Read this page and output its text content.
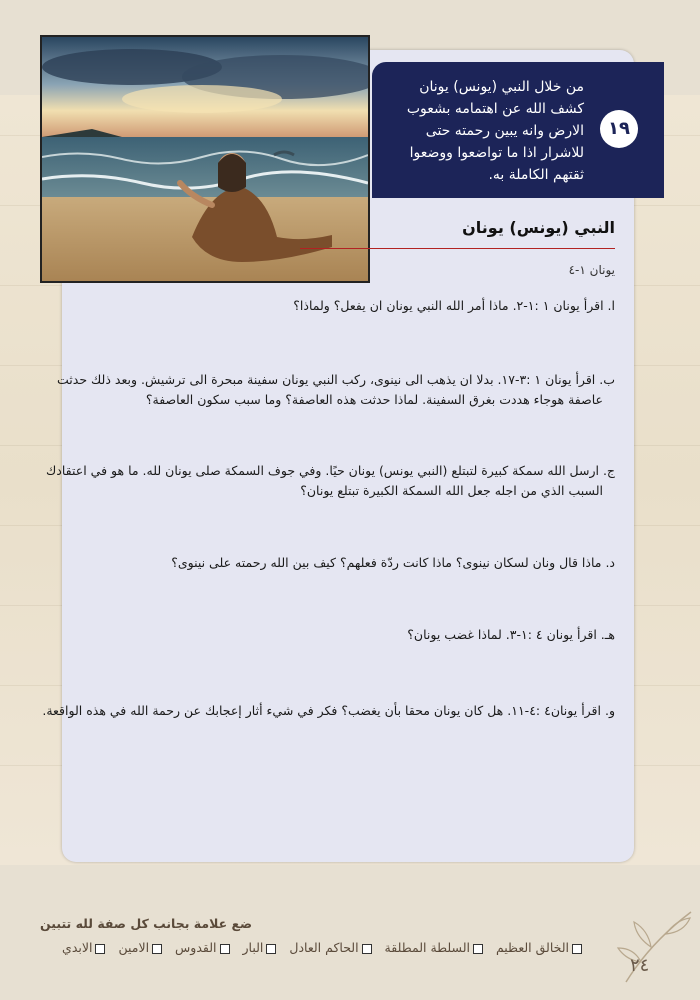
من خلال النبي (يونس) يونان كشف الله عن اهتمامه بشعوب الارض وانه يبين رحمته حتى للاشرار اذا ما تواضعوا ووضعوا ثقتهم الكاملة به.
١٩
النبي (يونس) يونان
يونان ١-٤
ا. اقرأ يونان ١ :١-٢. ماذا أمر الله النبي يونان ان يفعل؟ ولماذا؟
ب. اقرأ يونان ١ :٣-١٧. بدلا ان يذهب الى نينوى، ركب النبي يونان سفينة مبحرة الى ترشيش. وبعد ذلك حدثت
عاصفة هوجاء هددت بغرق السفينة. لماذا حدثت هذه العاصفة؟ وما سبب سكون العاصفة؟
ج. ارسل الله سمكة كبيرة لتبتلع (النبي يونس) يونان حيًا. وفي جوف السمكة صلى يونان لله. ما هو في اعتقادك
السبب الذي من اجله جعل الله السمكة الكبيرة تبتلع يونان؟
د. ماذا قال ونان لسكان نينوى؟ ماذا كانت ردّة فعلهم؟ كيف بين الله رحمته على نينوى؟
هـ. اقرأ يونان ٤ :١-٣. لماذا غضب يونان؟
و. اقرأ يونان٤ :٤-١١. هل كان يونان محقا بأن يغضب؟ فكر في شيء أثار إعجابك عن رحمة الله في هذه الواقعة.
ضع علامة بجانب كل صفة لله تتبين
الخالق العظيم السلطة المطلقة الحاكم العادل البار القدوس الامين الابدي
٢٤
